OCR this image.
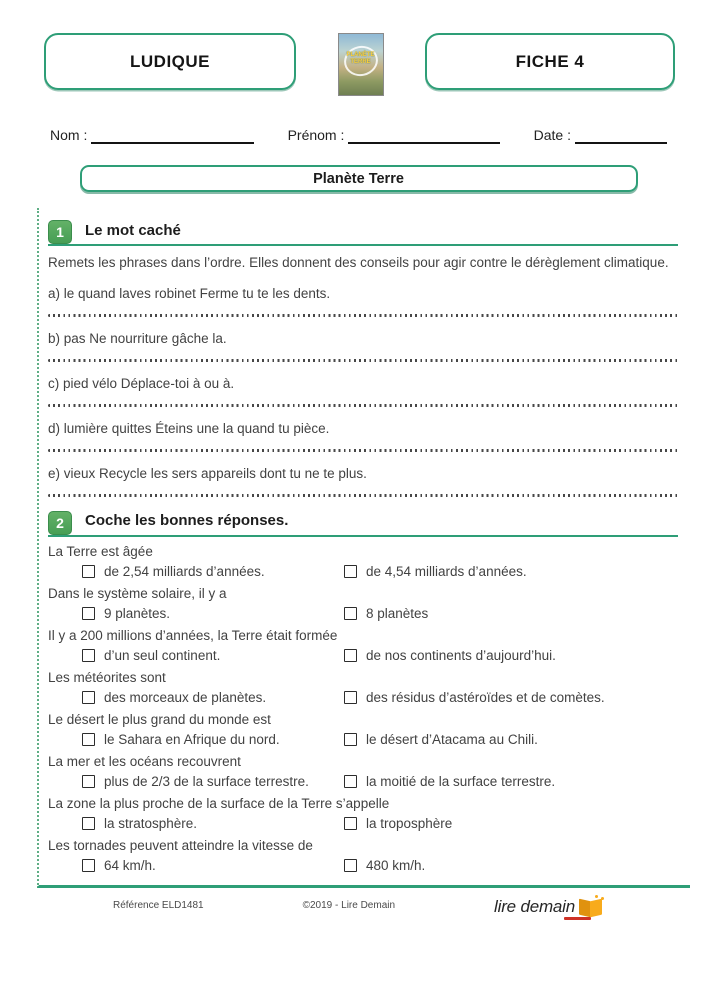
LUDIQUE	PLANÈTE
TERRE	FICHE 4
Nom :	Prénom :	Date :
Planète Terre
1	Le mot caché

Remets les phrases dans l’ordre. Elles donnent des conseils pour agir contre le dérèglement climatique.

a) le quand laves robinet Ferme tu te les dents.
b) pas Ne nourriture gâche la.
c) pied vélo Déplace-toi à ou à.
d) lumière quittes Éteins une la quand tu pièce.
e) vieux Recycle les sers appareils dont tu ne te plus.
2	Coche les bonnes réponses.
La Terre est âgée
de 2,54 milliards d’années.	de 4,54 milliards d’années.
Dans le système solaire, il y a
9 planètes.	8 planètes
Il y a 200 millions d’années, la Terre était formée
d’un seul continent.	de nos continents d’aujourd’hui.
Les météorites sont
des morceaux de planètes.	des résidus d’astéroïdes et de comètes.
Le désert le plus grand du monde est
le Sahara en Afrique du nord.	le désert d’Atacama au Chili.
La mer et les océans recouvrent
plus de 2/3 de la surface terrestre.	la moitié de la surface terrestre.
La zone la plus proche de la surface de la Terre s’appelle
la stratosphère.	la troposphère
Les tornades peuvent atteindre la vitesse de
64 km/h.	480 km/h.
Référence ELD1481	©2019 - Lire Demain	lire demain
